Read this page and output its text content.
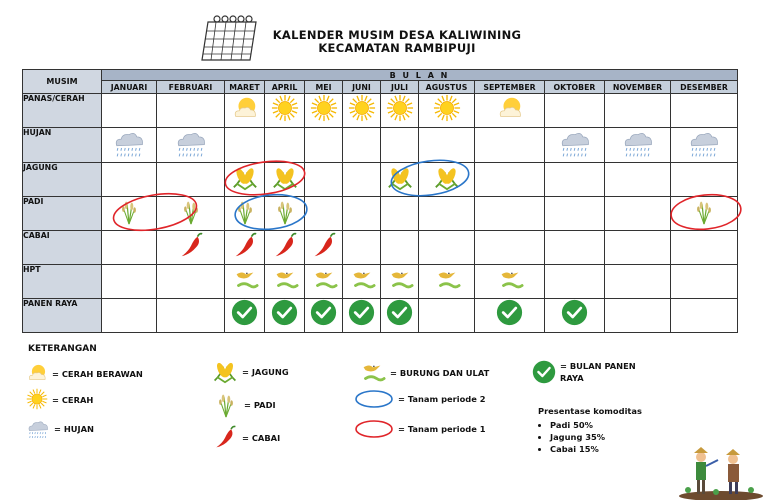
KALENDER MUSIM DESA KALIWINING
KECAMATAN RAMBIPUJI
MUSIM	B U L A N											
	JANUARI	FEBRUARI	MARET	APRIL	MEI	JUNI	JULI	AGUSTUS	SEPTEMBER	OKTOBER	NOVEMBER	DESEMBER
PANAS/CERAH												
HUJAN												
JAGUNG												
PADI												
CABAI												
HPT												
PANEN RAYA												
KETERANGAN
= CERAH BERAWAN
= CERAH
= HUJAN
= JAGUNG
= PADI
= CABAI
= BURUNG DAN ULAT
= Tanam periode 2
= Tanam periode 1
= BULAN PANEN
RAYA
Presentase komoditas
• Padi 50%
• Jagung 35%
• Cabai 15%
